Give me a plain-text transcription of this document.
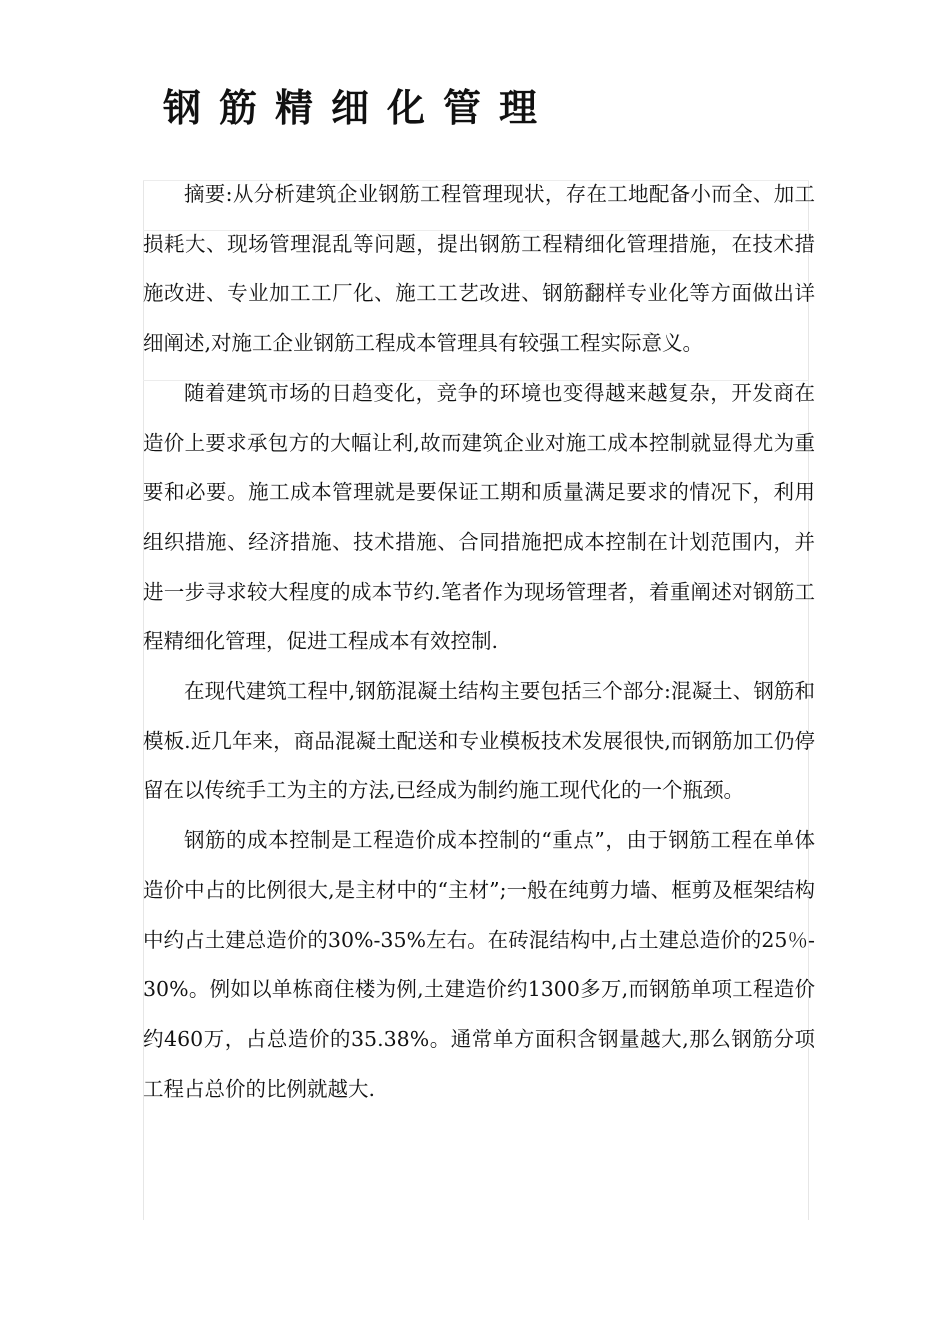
钢筋精细化管理

摘要:从分析建筑企业钢筋工程管理现状，存在工地配备小而全、加工损耗大、现场管理混乱等问题，提出钢筋工程精细化管理措施，在技术措施改进、专业加工工厂化、施工工艺改进、钢筋翻样专业化等方面做出详细阐述,对施工企业钢筋工程成本管理具有较强工程实际意义。

随着建筑市场的日趋变化，竞争的环境也变得越来越复杂，开发商在造价上要求承包方的大幅让利,故而建筑企业对施工成本控制就显得尤为重要和必要。施工成本管理就是要保证工期和质量满足要求的情况下，利用组织措施、经济措施、技术措施、合同措施把成本控制在计划范围内，并进一步寻求较大程度的成本节约.笔者作为现场管理者，着重阐述对钢筋工程精细化管理，促进工程成本有效控制.

在现代建筑工程中,钢筋混凝土结构主要包括三个部分:混凝土、钢筋和模板.近几年来，商品混凝土配送和专业模板技术发展很快,而钢筋加工仍停留在以传统手工为主的方法,已经成为制约施工现代化的一个瓶颈。

钢筋的成本控制是工程造价成本控制的“重点”，由于钢筋工程在单体造价中占的比例很大,是主材中的“主材”;一般在纯剪力墙、框剪及框架结构中约占土建总造价的30%-35%左右。在砖混结构中,占土建总造价的25％-30%。例如以单栋商住楼为例,土建造价约1300多万,而钢筋单项工程造价约460万，占总造价的35.38%。通常单方面积含钢量越大,那么钢筋分项工程占总价的比例就越大.
